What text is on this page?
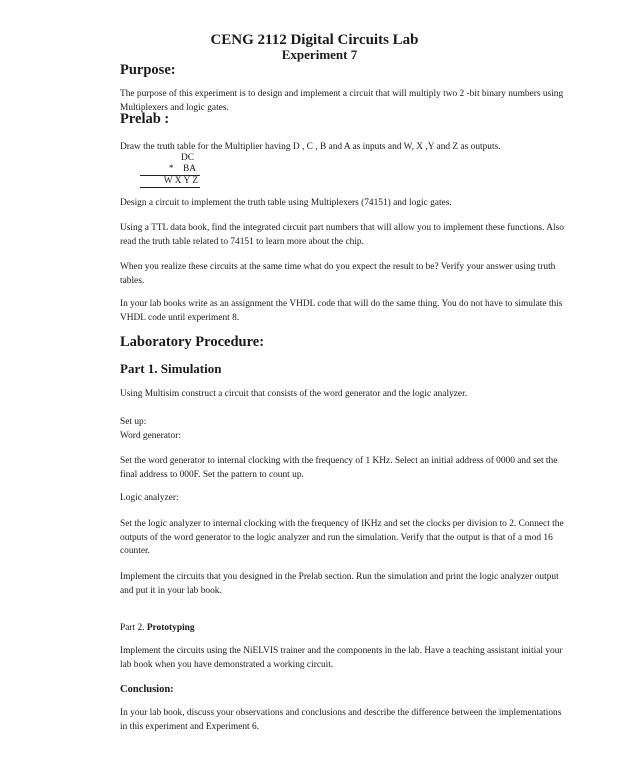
CENG 2112 Digital Circuits Lab
Experiment 7
Purpose:
The purpose of this experiment is to design and implement a circuit that will multiply two 2 -bit binary numbers using Multiplexers and logic gates.
Prelab :
Draw the truth table for the Multiplier having D , C , B and A as inputs and W, X ,Y and Z as outputs.
DC
*    BA
W X Y Z
Design a circuit to implement the truth table using Multiplexers (74151) and logic gates.
Using a TTL data book, find the integrated circuit part numbers that will allow you to implement these functions. Also read the truth table related to 74151 to learn more about the chip.
When you realize these circuits at the same time what do you expect the result to be? Verify your answer using truth tables.
In your lab books write as an assignment the VHDL code that will do the same thing. You do not have to simulate this VHDL code until experiment 8.
Laboratory Procedure:
Part 1. Simulation
Using Multisim construct a circuit that consists of the word generator and the logic analyzer.
Set up:
Word generator:
Set the word generator to internal clocking with the frequency of 1 KHz. Select an initial address of 0000 and set the final address to 000F. Set the pattern to count up.
Logic analyzer:
Set the logic analyzer to internal clocking with the frequency of lKHz and set the clocks per division to 2. Connect the outputs of the word generator to the logic analyzer and run the simulation. Verify that the output is that of a mod 16 counter.
Implement the circuits that you designed in the Prelab section. Run the simulation and print the logic analyzer output and put it in your lab book.
Part 2. Prototyping
Implement the circuits using the NiELVIS trainer and the components in the lab. Have a teaching assistant initial your lab book when you have demonstrated a working circuit.
Conclusion:
In your lab book, discuss your observations and conclusions and describe the difference between the implementations in this experiment and Experiment 6.
